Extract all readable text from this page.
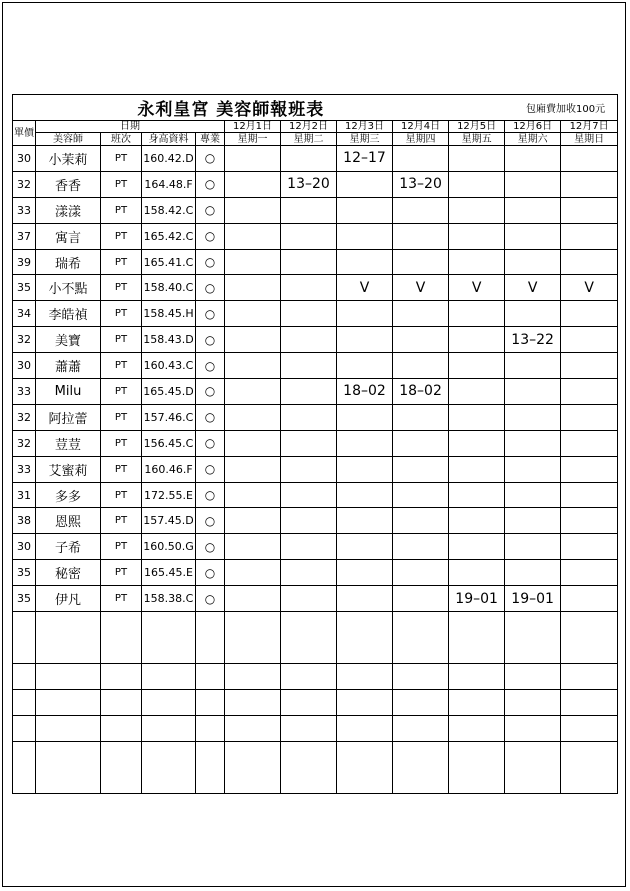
永利皇宮 美容師報班表									包廂費加收100元		
單價	日期				12月1日	12月2日	12月3日	12月4日	12月5日	12月6日	12月7日
	美容師	班次	身高資料	專業	星期一	星期二	星期三	星期四	星期五	星期六	星期日
30	小茉莉	PT	160.42.D	○			12–17				
32	香香	PT	164.48.F	○		13–20		13–20			
33	漾漾	PT	158.42.C	○							
37	寓言	PT	165.42.C	○							
39	瑞希	PT	165.41.C	○							
35	小不點	PT	158.40.C	○			V	V	V	V	V
34	李皓禎	PT	158.45.H	○							
32	美寶	PT	158.43.D	○						13–22	
30	蕭蕭	PT	160.43.C	○							
33	Milu	PT	165.45.D	○			18–02	18–02			
32	阿拉蕾	PT	157.46.C	○							
32	荳荳	PT	156.45.C	○							
33	艾蜜莉	PT	160.46.F	○							
31	多多	PT	172.55.E	○							
38	恩熙	PT	157.45.D	○							
30	子希	PT	160.50.G	○							
35	秘密	PT	165.45.E	○							
35	伊凡	PT	158.38.C	○					19–01	19–01	
